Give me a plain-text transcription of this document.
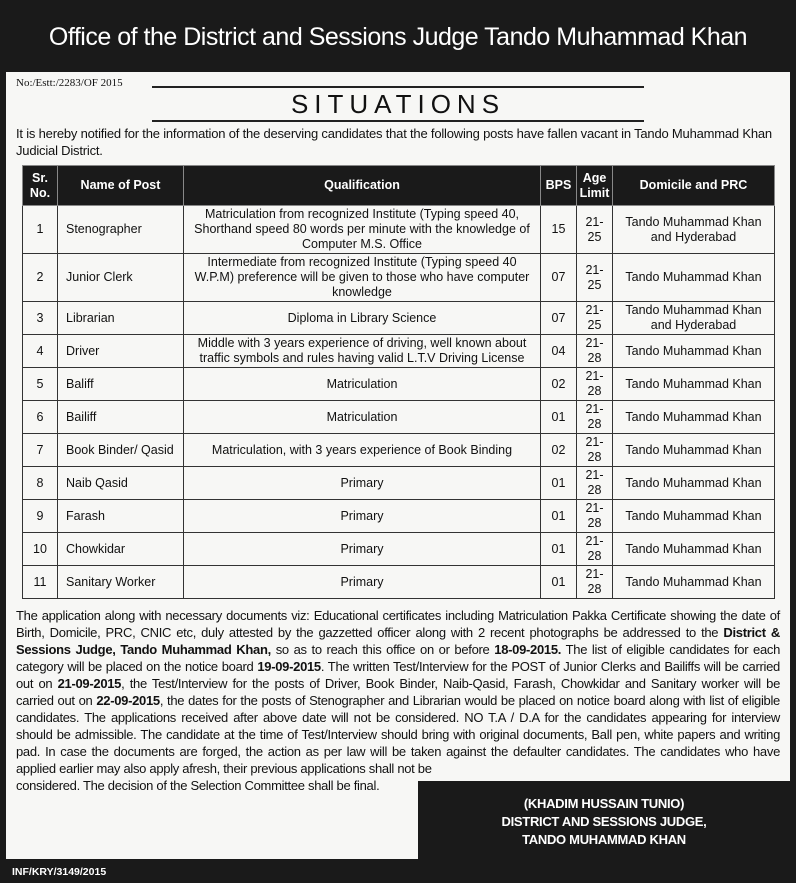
Office of the District and Sessions Judge Tando Muhammad Khan
No:/Estt:/2283/OF 2015
SITUATIONS
It is hereby notified for the information of the deserving candidates that the following posts have fallen vacant in Tando Muhammad Khan Judicial District.
Sr. No.	Name of Post	Qualification	BPS	Age Limit	Domicile and PRC
1	Stenographer	Matriculation from recognized Institute (Typing speed 40, Shorthand speed 80 words per minute with the knowledge of Computer M.S. Office	15	21-25	Tando Muhammad Khan and Hyderabad
2	Junior Clerk	Intermediate from recognized Institute (Typing speed 40 W.P.M) preference will be given to those who have computer knowledge	07	21-25	Tando Muhammad Khan
3	Librarian	Diploma in Library Science	07	21-25	Tando Muhammad Khan and Hyderabad
4	Driver	Middle with 3 years experience of driving, well known about traffic symbols and rules having valid L.T.V Driving License	04	21-28	Tando Muhammad Khan
5	Baliff	Matriculation	02	21-28	Tando Muhammad Khan
6	Bailiff	Matriculation	01	21-28	Tando Muhammad Khan
7	Book Binder/ Qasid	Matriculation, with 3 years experience of Book Binding	02	21-28	Tando Muhammad Khan
8	Naib Qasid	Primary	01	21-28	Tando Muhammad Khan
9	Farash	Primary	01	21-28	Tando Muhammad Khan
10	Chowkidar	Primary	01	21-28	Tando Muhammad Khan
11	Sanitary Worker	Primary	01	21-28	Tando Muhammad Khan
(KHADIM HUSSAIN TUNIO)
DISTRICT AND SESSIONS JUDGE,
TANDO MUHAMMAD KHAN
The application along with necessary documents viz: Educational certificates including Matriculation Pakka Certificate showing the date of Birth, Domicile, PRC, CNIC etc, duly attested by the gazzetted officer along with 2 recent photographs be addressed to the District & Sessions Judge, Tando Muhammad Khan, so as to reach this office on or before 18-09-2015. The list of eligible candidates for each category will be placed on the notice board 19-09-2015. The written Test/Interview for the POST of Junior Clerks and Bailiffs will be carried out on 21-09-2015, the Test/Interview for the posts of Driver, Book Binder, Naib-Qasid, Farash, Chowkidar and Sanitary worker will be carried out on 22-09-2015, the dates for the posts of Stenographer and Librarian would be placed on notice board along with list of eligible candidates. The applications received after above date will not be considered. NO T.A / D.A for the candidates appearing for interview should be admissible. The candidate at the time of Test/Interview should bring with original documents, Ball pen, white papers and writing pad. In case the documents are forged, the action as per law will be taken against the defaulter candidates. The candidates who have applied earlier may also apply afresh, their previous applications shall not be
considered. The decision of the Selection Committee shall be final.
INF/KRY/3149/2015
